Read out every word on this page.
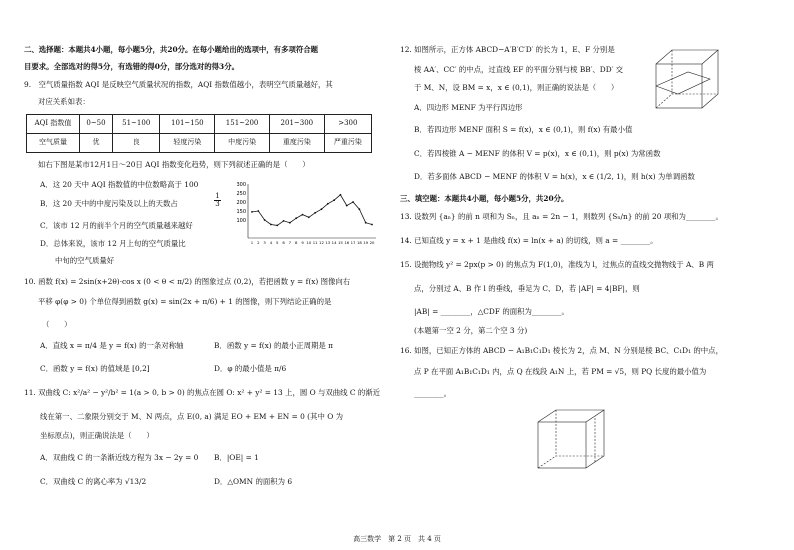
二、选择题：本题共4小题，每小题5分，共20分。在每小题给出的选项中，有多项符合题
目要求。全部选对的得5分，有选错的得0分，部分选对的得3分。
9.　空气质量指数 AQI 是反映空气质量状况的指数，AQI 指数值越小，表明空气质量越好，其
对应关系如表：
AQI 指数值	0~50	51~100	101~150	151~200	201~300	>300
空气质量	优	良	轻度污染	中度污染	重度污染	严重污染
如右下图是某市12月1日～20日 AQI 指数变化趋势，则下列叙述正确的是（　　）
A．这 20 天中 AQI 指数值的中位数略高于 100
B．这 20 天中的中度污染及以上的天数占
1
3
C．该市 12 月的前半个月的空气质量越来越好
D．总体来说，该市 12 月上旬的空气质量比
中旬的空气质量好
300
250
200
150
100
1 2 3 4 5 6 7 8 9 10 11 12 13 14 15 16 17 18 19 20
10. 函数 f(x) = 2sin(x+2θ)·cos x (0 < θ < π/2) 的图象过点 (0,2)，若把函数 y = f(x) 图像向右
平移 φ(φ > 0) 个单位得到函数 g(x) = sin(2x + π/6) + 1 的图像，则下列结论正确的是
（　　）
A．直线 x = π/4 是 y = f(x) 的一条对称轴	B．函数 y = f(x) 的最小正周期是 π
C．函数 y = f(x) 的值域是 [0,2]	D．φ 的最小值是 π/6
11. 双曲线 C: x²/a² − y²/b² = 1(a > 0, b > 0) 的焦点在圆 O: x² + y² = 13 上，圆 O 与双曲线 C 的渐近
线在第一、二象限分别交于 M、N 两点，点 E(0, a) 满足 EO + EM + EN = 0 (其中 O 为
坐标原点)，则正确说法是（　　）
A．双曲线 C 的一条渐近线方程为 3x − 2y = 0 B．|OE| = 1
C．双曲线 C 的离心率为 √13/2	D．△OMN 的面积为 6
12. 如图所示，正方体 ABCD−A′B′C′D′ 的长为 1，E、F 分别是
棱 AA′、CC′ 的中点，过直线 EF 的平面分别与棱 BB′、DD′ 交
于 M、N，设 BM = x，x ∈ (0,1)，则正确的说法是（　　）
A．四边形 MENF 为平行四边形
B．若四边形 MENF 面积 S = f(x)，x ∈ (0,1)，则 f(x) 有最小值
C．若四棱锥 A − MENF 的体积 V = p(x)，x ∈ (0,1)，则 p(x) 为常函数
D．若多面体 ABCD − MENF 的体积 V = h(x)，x ∈ (1/2, 1)，则 h(x) 为单调函数
三、填空题：本题共4小题，每小题5分，共20分。
13. 设数列 {aₙ} 的前 n 项和为 Sₙ，且 aₙ = 2n − 1，则数列 {Sₙ/n} 的前 20 项和为________。
14. 已知直线 y = x + 1 是曲线 f(x) = ln(x + a) 的切线，则 a = ________。
15. 设抛物线 y² = 2px(p > 0) 的焦点为 F(1,0)，准线为 l，过焦点的直线交抛物线于 A、B 两
点，分别过 A、B 作 l 的垂线，垂足为 C、D，若 |AF| = 4|BF|，则
|AB| = ________，△CDF 的面积为________。
(本题第一空 2 分，第二个空 3 分)
16. 如图，已知正方体的 ABCD − A₁B₁C₁D₁ 棱长为 2，点 M、N 分别是棱 BC、C₁D₁ 的中点，
点 P 在平面 A₁B₁C₁D₁ 内，点 Q 在线段 A₁N 上，若 PM = √5，则 PQ 长度的最小值为
________。
高三数学　第 2 页　共 4 页
